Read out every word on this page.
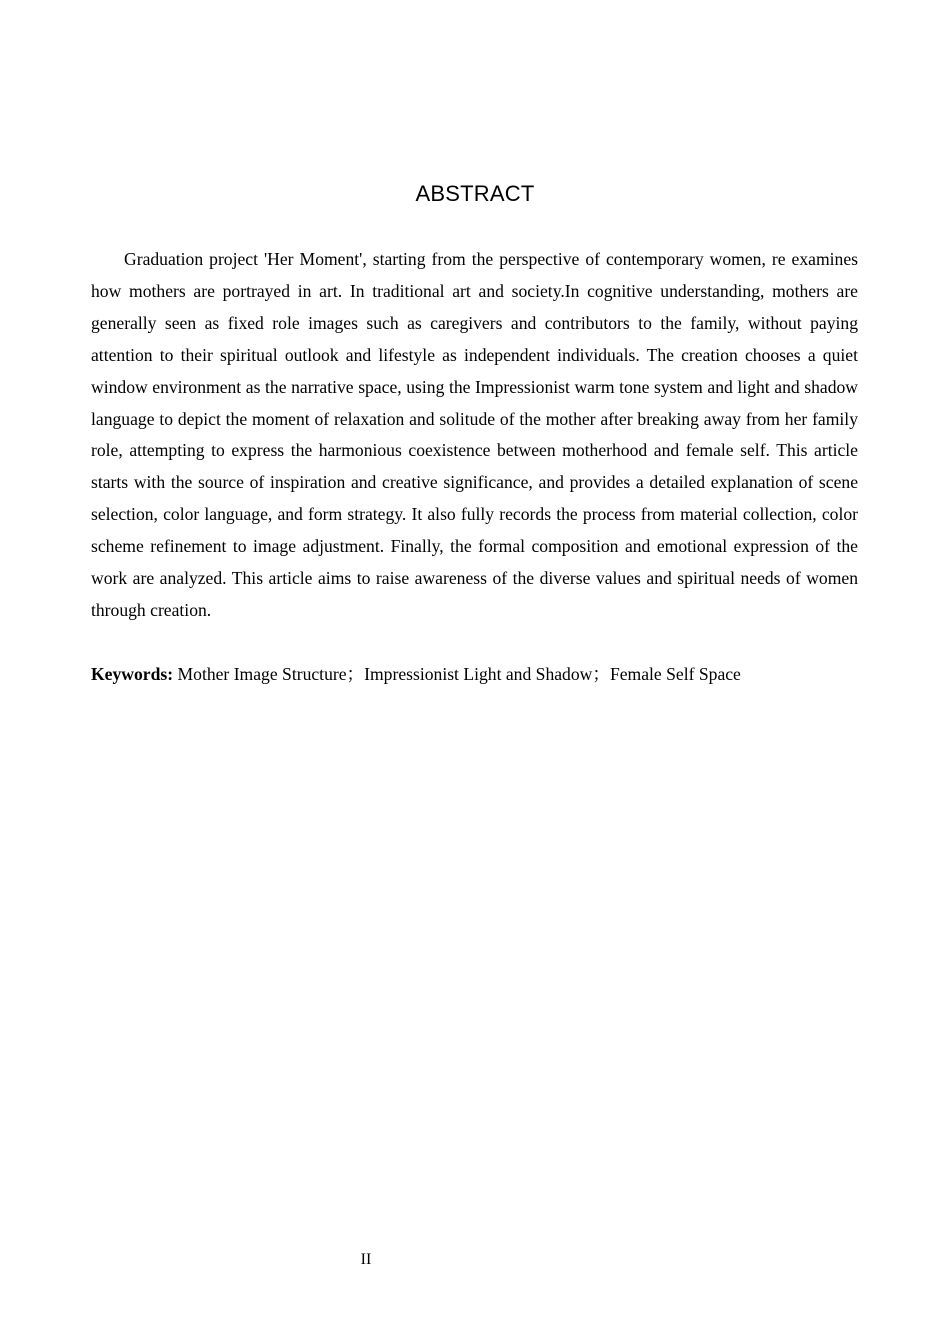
ABSTRACT

Graduation project 'Her Moment', starting from the perspective of contemporary women, re examines how mothers are portrayed in art. In traditional art and society.In cognitive understanding, mothers are generally seen as fixed role images such as caregivers and contributors to the family, without paying attention to their spiritual outlook and lifestyle as independent individuals. The creation chooses a quiet window environment as the narrative space, using the Impressionist warm tone system and light and shadow language to depict the moment of relaxation and solitude of the mother after breaking away from her family role, attempting to express the harmonious coexistence between motherhood and female self. This article starts with the source of inspiration and creative significance, and provides a detailed explanation of scene selection, color language, and form strategy. It also fully records the process from material collection, color scheme refinement to image adjustment. Finally, the formal composition and emotional expression of the work are analyzed. This article aims to raise awareness of the diverse values and spiritual needs of women through creation.

Keywords: Mother Image Structure；Impressionist Light and Shadow；Female Self Space

II
